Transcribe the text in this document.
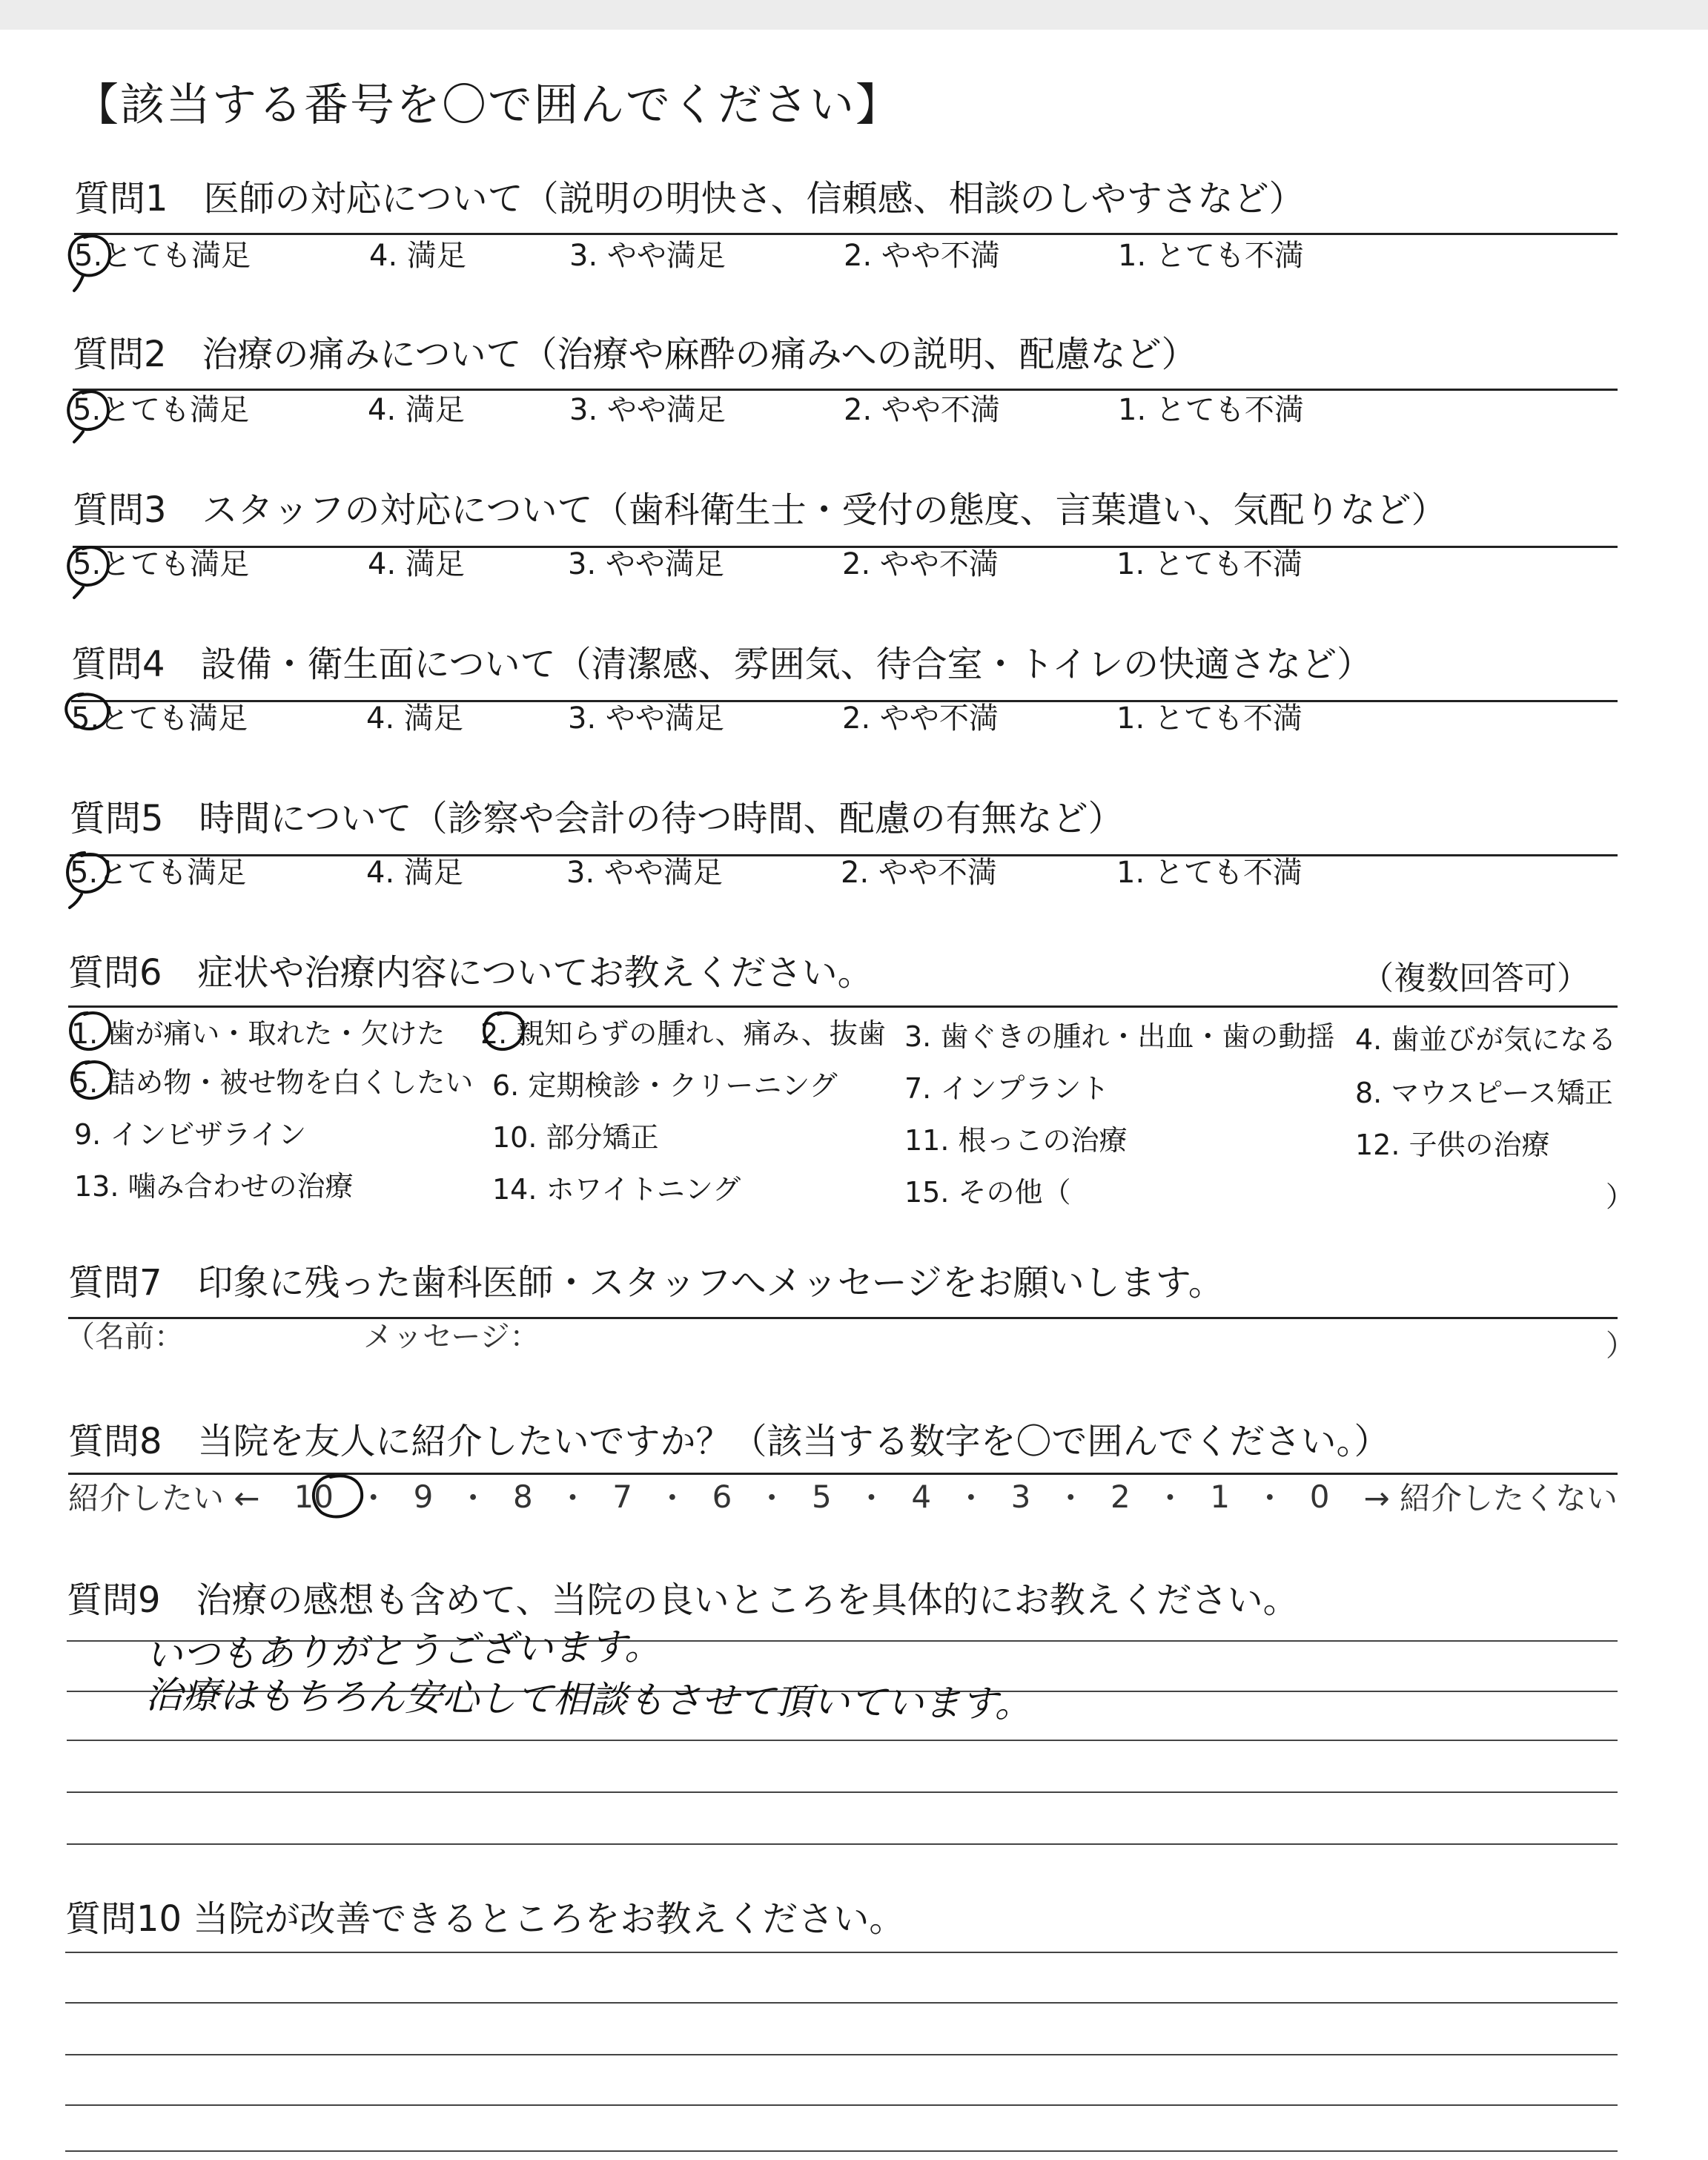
【該当する番号を〇で囲んでください】
質問1　医師の対応について（説明の明快さ、信頼感、相談のしやすさなど）
5.とても満足	4. 満足	3. やや満足	2. やや不満	1. とても不満
質問2　治療の痛みについて（治療や麻酔の痛みへの説明、配慮など）
5.とても満足	4. 満足	3. やや満足	2. やや不満	1. とても不満
質問3　スタッフの対応について（歯科衛生士・受付の態度、言葉遣い、気配りなど）
5.とても満足	4. 満足	3. やや満足	2. やや不満	1. とても不満
質問4　設備・衛生面について（清潔感、雰囲気、待合室・トイレの快適さなど）
5.とても満足	4. 満足	3. やや満足	2. やや不満	1. とても不満
質問5　時間について（診察や会計の待つ時間、配慮の有無など）
5.とても満足	4. 満足	3. やや満足	2. やや不満	1. とても不満
質問6　症状や治療内容についてお教えください。	（複数回答可）
1. 歯が痛い・取れた・欠けた 2. 親知らずの腫れ、痛み、抜歯 3. 歯ぐきの腫れ・出血・歯の動揺 4. 歯並びが気になる
5. 詰め物・被せ物を白くしたい 6. 定期検診・クリーニング 7. インプラント	8. マウスピース矯正
9. インビザライン	10. 部分矯正	11. 根っこの治療	12. 子供の治療
13. 噛み合わせの治療	14. ホワイトニング	15. その他（	）
質問7　印象に残った歯科医師・スタッフへメッセージをお願いします。
（名前：	メッセージ：	）
質問8　当院を友人に紹介したいですか？（該当する数字を〇で囲んでください。）
紹介したい ← 10 ・ 9 ・ 8 ・ 7 ・ 6 ・ 5 ・ 4 ・ 3 ・ 2 ・ 1 ・ 0 → 紹介したくない
質問9　治療の感想も含めて、当院の良いところを具体的にお教えください。
いつもありがとうございます。
治療はもちろん安心して相談もさせて頂いています。
質問10 当院が改善できるところをお教えください。
